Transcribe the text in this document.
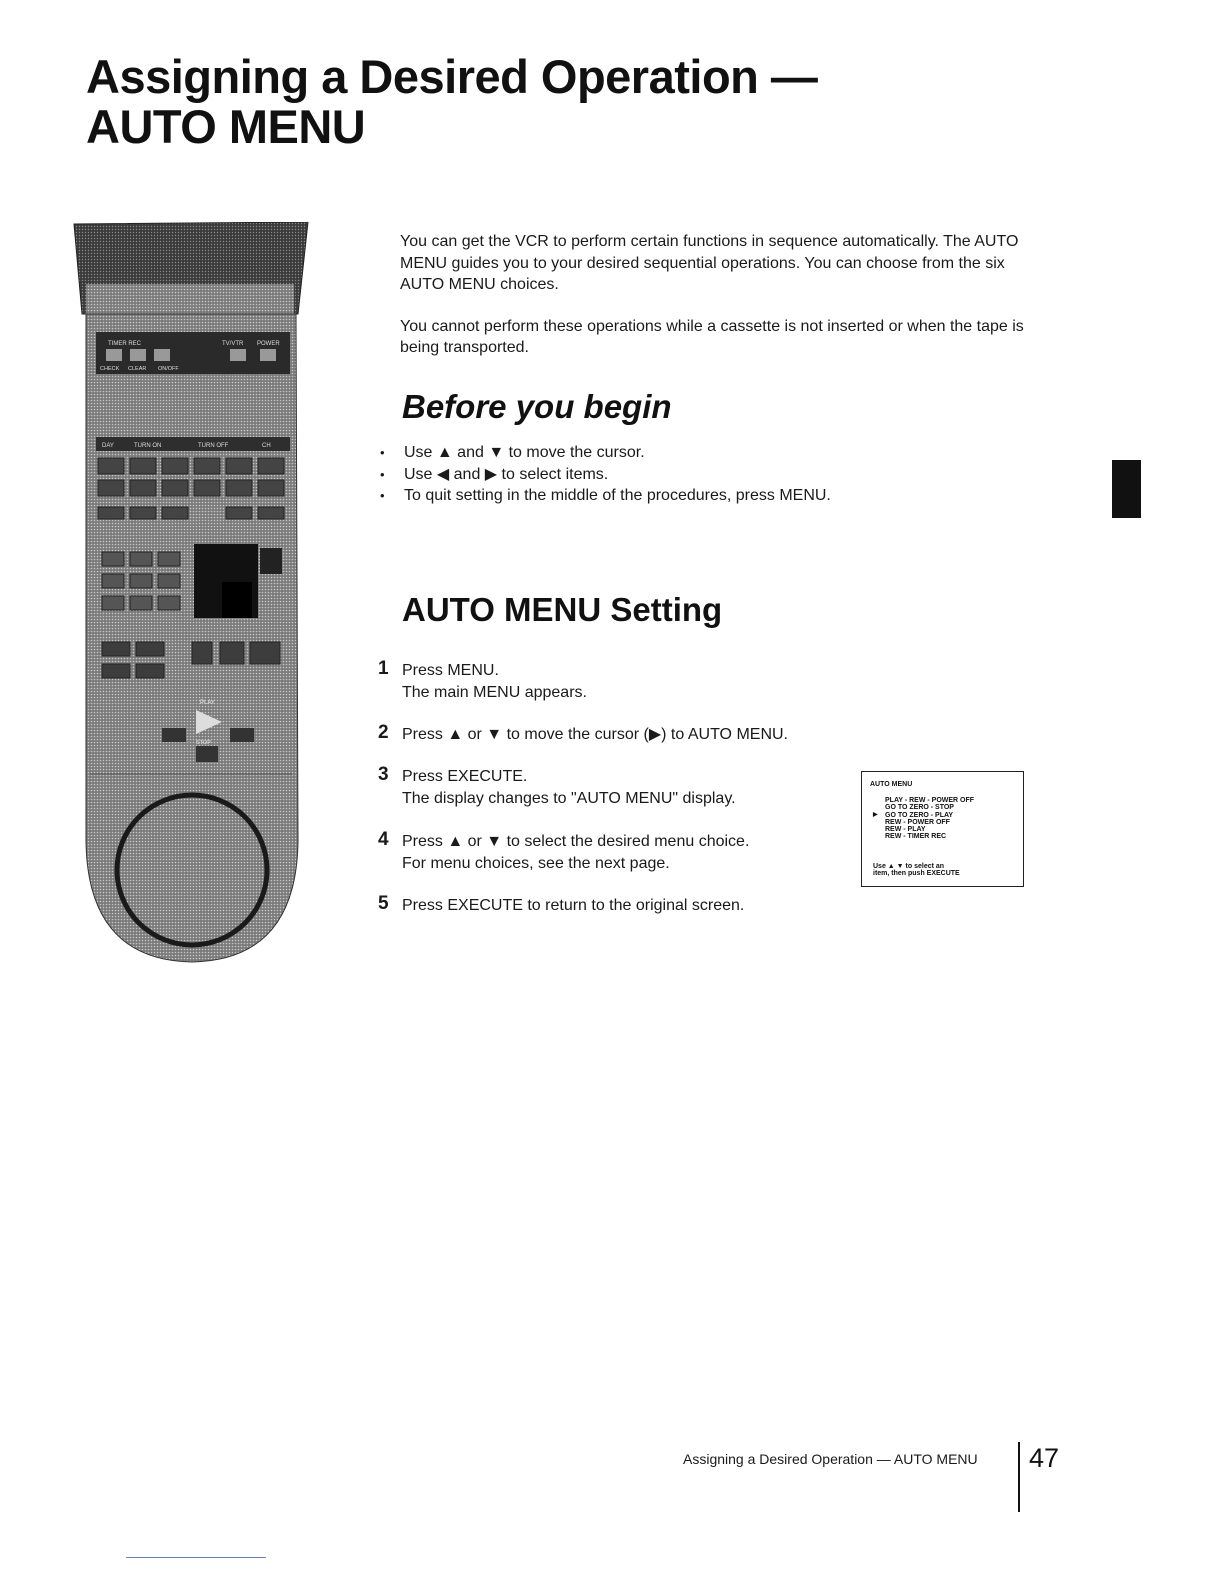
Assigning a Desired Operation —
AUTO MENU
TIMER REC	TV/VTR POWER
CHECK CLEAR ON/OFF
DAY	TURN ON	TURN OFF	CH
PLAY
STOP

You can get the VCR to perform certain functions in sequence automatically. The AUTO MENU guides you to your desired sequential operations. You can choose from the six AUTO MENU choices.

You cannot perform these operations while a cassette is not inserted or when the tape is being transported.

Before you begin
• Use ▲ and ▼ to move the cursor.
• Use ◀ and ▶ to select items.
• To quit setting in the middle of the procedures, press MENU.
AUTO MENU Setting
1 Press MENU.
The main MENU appears.
2 Press ▲ or ▼ to move the cursor (▶) to AUTO MENU.
3 Press EXECUTE.
The display changes to "AUTO MENU" display.
4 Press ▲ or ▼ to select the desired menu choice.
For menu choices, see the next page.
5 Press EXECUTE to return to the original screen.
AUTO MENU
PLAY - REW - POWER OFF
GO TO ZERO - STOP
▶ GO TO ZERO - PLAY
REW - POWER OFF
REW - PLAY
REW - TIMER REC
Use ▲ ▼ to select an
item, then push EXECUTE
Assigning a Desired Operation — AUTO MENU 47
